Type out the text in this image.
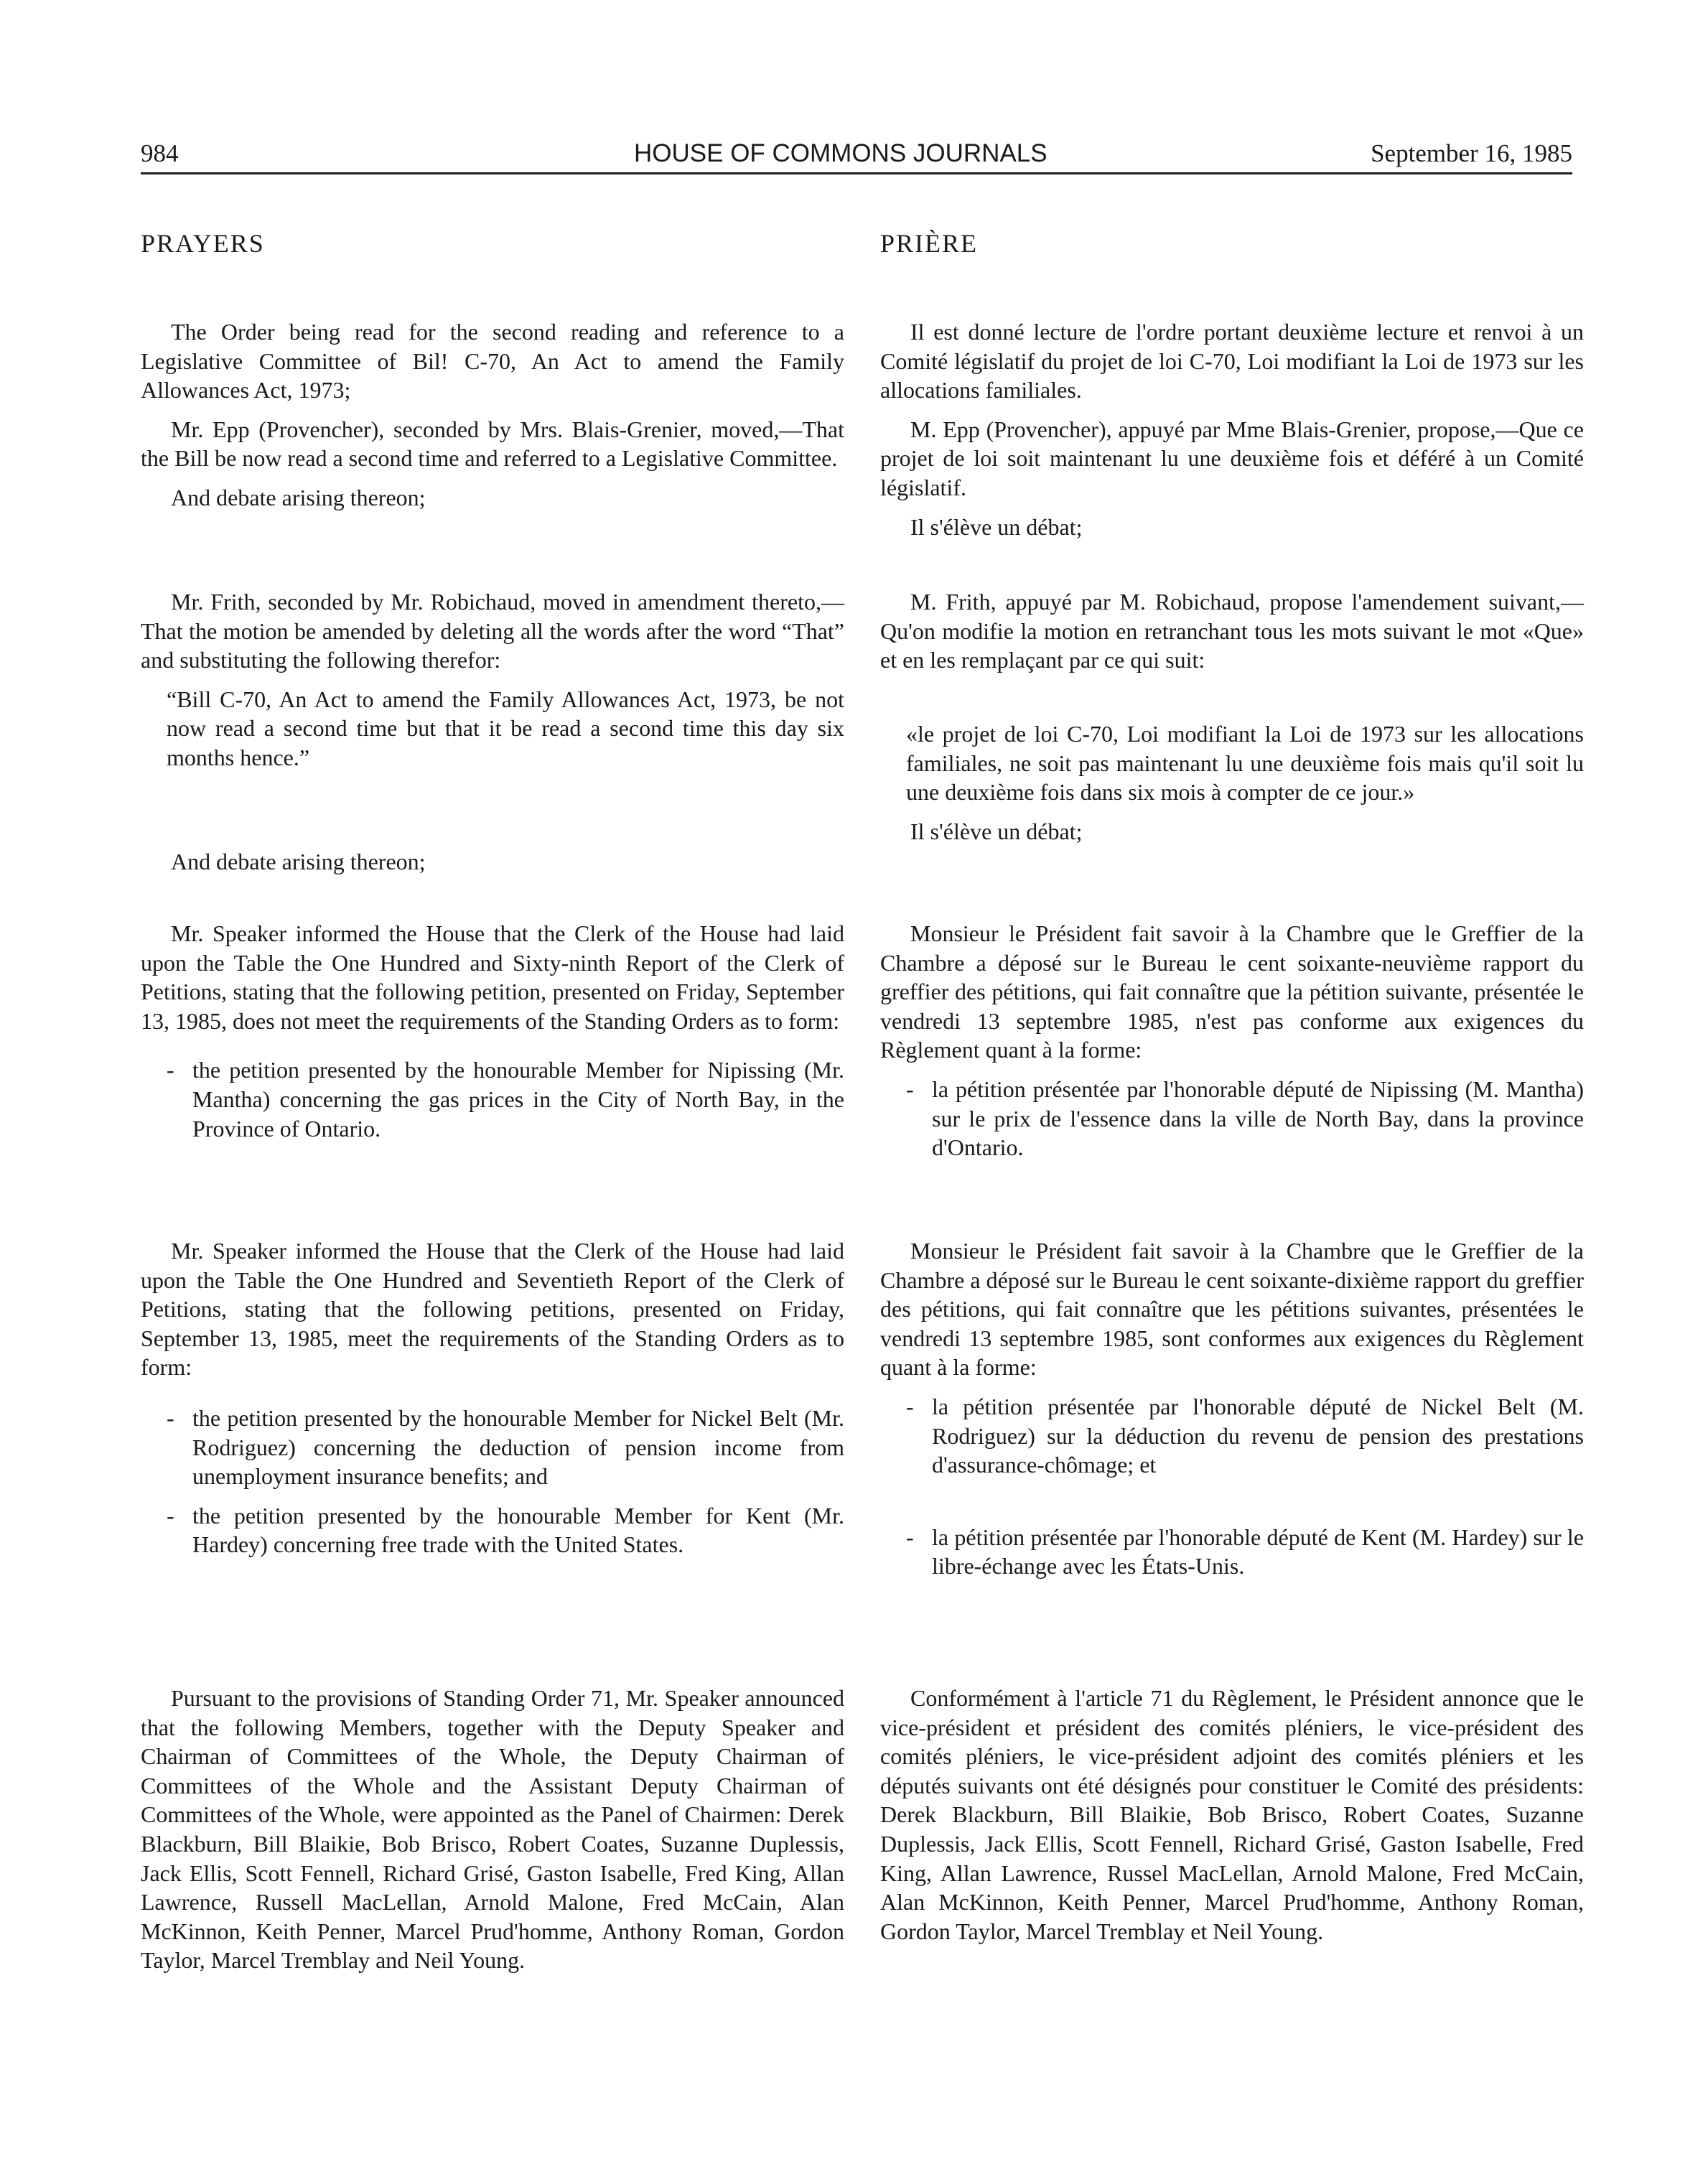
984	HOUSE OF COMMONS JOURNALS	September 16, 1985
PRAYERS

The Order being read for the second reading and reference to a Legislative Committee of Bil! C-70, An Act to amend the Family Allowances Act, 1973;

Mr. Epp (Provencher), seconded by Mrs. Blais-Grenier, moved,—That the Bill be now read a second time and referred to a Legislative Committee.

And debate arising thereon;

Mr. Frith, seconded by Mr. Robichaud, moved in amendment thereto,—That the motion be amended by deleting all the words after the word “That” and substituting the following therefor:

“Bill C-70, An Act to amend the Family Allowances Act, 1973, be not now read a second time but that it be read a second time this day six months hence.”

And debate arising thereon;

Mr. Speaker informed the House that the Clerk of the House had laid upon the Table the One Hundred and Sixty-ninth Report of the Clerk of Petitions, stating that the following petition, presented on Friday, September 13, 1985, does not meet the requirements of the Standing Orders as to form:

- the petition presented by the honourable Member for Nipissing (Mr. Mantha) concerning the gas prices in the City of North Bay, in the Province of Ontario.

Mr. Speaker informed the House that the Clerk of the House had laid upon the Table the One Hundred and Seventieth Report of the Clerk of Petitions, stating that the following petitions, presented on Friday, September 13, 1985, meet the requirements of the Standing Orders as to form:

- the petition presented by the honourable Member for Nickel Belt (Mr. Rodriguez) concerning the deduction of pension income from unemployment insurance benefits; and
- the petition presented by the honourable Member for Kent (Mr. Hardey) concerning free trade with the United States.

Pursuant to the provisions of Standing Order 71, Mr. Speaker announced that the following Members, together with the Deputy Speaker and Chairman of Committees of the Whole, the Deputy Chairman of Committees of the Whole and the Assistant Deputy Chairman of Committees of the Whole, were appointed as the Panel of Chairmen: Derek Blackburn, Bill Blaikie, Bob Brisco, Robert Coates, Suzanne Duplessis, Jack Ellis, Scott Fennell, Richard Grisé, Gaston Isabelle, Fred King, Allan Lawrence, Russell MacLellan, Arnold Malone, Fred McCain, Alan McKinnon, Keith Penner, Marcel Prud'homme, Anthony Roman, Gordon Taylor, Marcel Tremblay and Neil Young.

PRIÈRE

Il est donné lecture de l'ordre portant deuxième lecture et renvoi à un Comité législatif du projet de loi C-70, Loi modifiant la Loi de 1973 sur les allocations familiales.

M. Epp (Provencher), appuyé par Mme Blais-Grenier, propose,—Que ce projet de loi soit maintenant lu une deuxième fois et déféré à un Comité législatif.

Il s'élève un débat;

M. Frith, appuyé par M. Robichaud, propose l'amendement suivant,—Qu'on modifie la motion en retranchant tous les mots suivant le mot «Que» et en les remplaçant par ce qui suit:

«le projet de loi C-70, Loi modifiant la Loi de 1973 sur les allocations familiales, ne soit pas maintenant lu une deuxième fois mais qu'il soit lu une deuxième fois dans six mois à compter de ce jour.»

Il s'élève un débat;

Monsieur le Président fait savoir à la Chambre que le Greffier de la Chambre a déposé sur le Bureau le cent soixante-neuvième rapport du greffier des pétitions, qui fait connaître que la pétition suivante, présentée le vendredi 13 septembre 1985, n'est pas conforme aux exigences du Règlement quant à la forme:

- la pétition présentée par l'honorable député de Nipissing (M. Mantha) sur le prix de l'essence dans la ville de North Bay, dans la province d'Ontario.

Monsieur le Président fait savoir à la Chambre que le Greffier de la Chambre a déposé sur le Bureau le cent soixante-dixième rapport du greffier des pétitions, qui fait connaître que les pétitions suivantes, présentées le vendredi 13 septembre 1985, sont conformes aux exigences du Règlement quant à la forme:

- la pétition présentée par l'honorable député de Nickel Belt (M. Rodriguez) sur la déduction du revenu de pension des prestations d'assurance-chômage; et
- la pétition présentée par l'honorable député de Kent (M. Hardey) sur le libre-échange avec les États-Unis.

Conformément à l'article 71 du Règlement, le Président annonce que le vice-président et président des comités pléniers, le vice-président des comités pléniers, le vice-président adjoint des comités pléniers et les députés suivants ont été désignés pour constituer le Comité des présidents: Derek Blackburn, Bill Blaikie, Bob Brisco, Robert Coates, Suzanne Duplessis, Jack Ellis, Scott Fennell, Richard Grisé, Gaston Isabelle, Fred King, Allan Lawrence, Russel MacLellan, Arnold Malone, Fred McCain, Alan McKinnon, Keith Penner, Marcel Prud'homme, Anthony Roman, Gordon Taylor, Marcel Tremblay et Neil Young.
